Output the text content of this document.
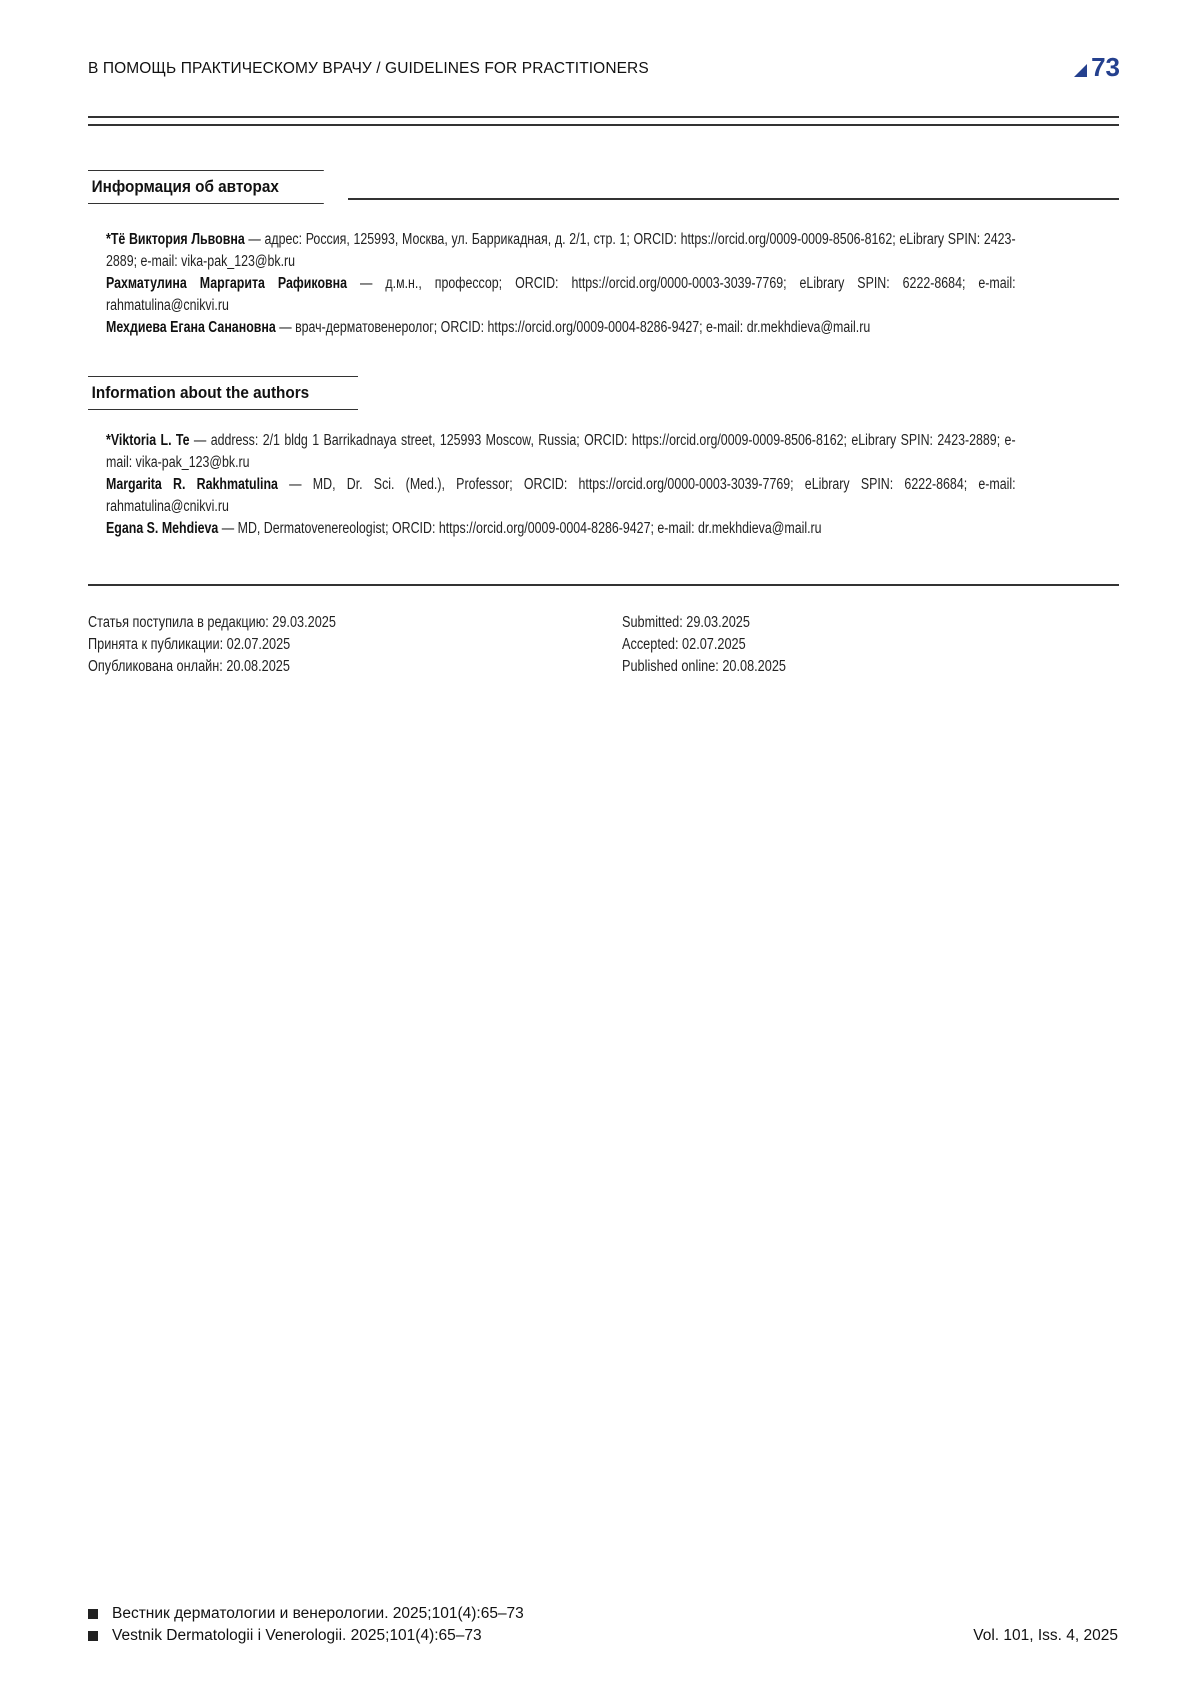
В ПОМОЩЬ ПРАКТИЧЕСКОМУ ВРАЧУ / GUIDELINES FOR PRACTITIONERS	73
Информация об авторах

*Тё Виктория Львовна — адрес: Россия, 125993, Москва, ул. Баррикадная, д. 2/1, стр. 1; ORCID: https://orcid.org/0009-0009-8506-8162; eLibrary SPIN: 2423-2889; e-mail: vika-pak_123@bk.ru

Рахматулина Маргарита Рафиковна — д.м.н., профессор; ORCID: https://orcid.org/0000-0003-3039-7769; eLibrary SPIN: 6222-8684; e-mail: rahmatulina@cnikvi.ru

Мехдиева Егана Санановна — врач-дерматовенеролог; ORCID: https://orcid.org/0009-0004-8286-9427; e-mail: dr.mekhdieva@mail.ru

Information about the authors

*Viktoria L. Te — address: 2/1 bldg 1 Barrikadnaya street, 125993 Moscow, Russia; ORCID: https://orcid.org/0009-0009-8506-8162; eLibrary SPIN: 2423-2889; e-mail: vika-pak_123@bk.ru

Margarita R. Rakhmatulina — MD, Dr. Sci. (Med.), Professor; ORCID: https://orcid.org/0000-0003-3039-7769; eLibrary SPIN: 6222-8684; e-mail: rahmatulina@cnikvi.ru

Egana S. Mehdieva — MD, Dermatovenereologist; ORCID: https://orcid.org/0009-0004-8286-9427; e-mail: dr.mekhdieva@mail.ru

Статья поступила в редакцию: 29.03.2025
Принята к публикации: 02.07.2025
Опубликована онлайн: 20.08.2025
Submitted: 29.03.2025
Accepted: 02.07.2025
Published online: 20.08.2025
Вестник дерматологии и венерологии. 2025;101(4):65–73
Vestnik Dermatologii i Venerologii. 2025;101(4):65–73	Vol. 101, Iss. 4, 2025
